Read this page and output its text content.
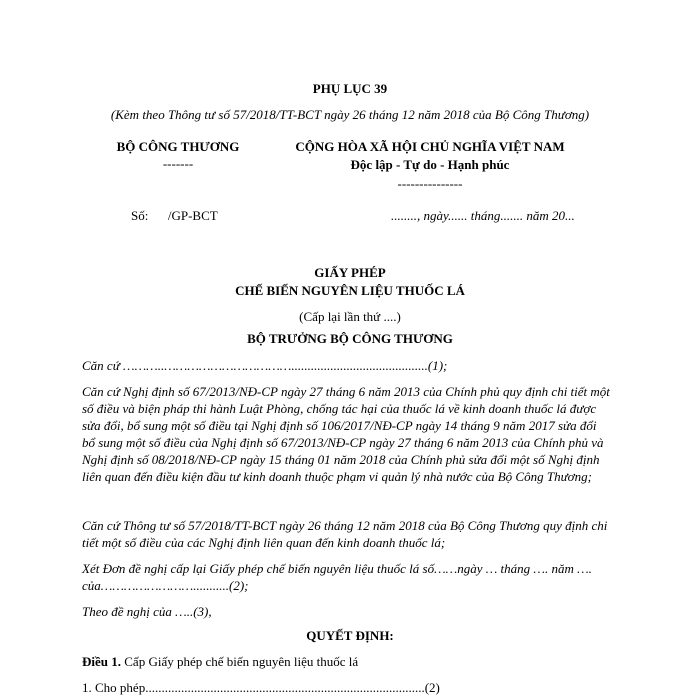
PHỤ LỤC 39
(Kèm theo Thông tư số 57/2018/TT-BCT ngày 26 tháng 12 năm 2018 của Bộ Công Thương)
BỘ CÔNG THƯƠNG
-------
CỘNG HÒA XÃ HỘI CHỦ NGHĨA VIỆT NAM
Độc lập - Tự do - Hạnh phúc
---------------
Số:      /GP-BCT	........, ngày...... tháng....... năm 20...
GIẤY PHÉP
CHẾ BIẾN NGUYÊN LIỆU THUỐC LÁ
(Cấp lại lần thứ ....)
BỘ TRƯỞNG BỘ CÔNG THƯƠNG

Căn cứ ………..……………………………..........................................(1);

Căn cứ Nghị định số 67/2013/NĐ-CP ngày 27 tháng 6 năm 2013 của Chính phủ quy định chi tiết một số điều và biện pháp thi hành Luật Phòng, chống tác hại của thuốc lá về kinh doanh thuốc lá được sửa đổi, bổ sung một số điều tại Nghị định số 106/2017/NĐ-CP ngày 14 tháng 9 năm 2017 sửa đổi bổ sung một số điều của Nghị định số 67/2013/NĐ-CP ngày 27 tháng 6 năm 2013 của Chính phủ và Nghị định số 08/2018/NĐ-CP ngày 15 tháng 01 năm 2018 của Chính phủ sửa đổi một số Nghị định liên quan đến điều kiện đầu tư kinh doanh thuộc phạm vi quản lý nhà nước của Bộ Công Thương;

Căn cứ Thông tư số 57/2018/TT-BCT ngày 26 tháng 12 năm 2018 của Bộ Công Thương quy định chi tiết một số điều của các Nghị định liên quan đến kinh doanh thuốc lá;

Xét Đơn đề nghị cấp lại Giấy phép chế biến nguyên liệu thuốc lá số……ngày … tháng …. năm …. của……………………...........(2);

Theo đề nghị của …..(3),

QUYẾT ĐỊNH:
Điều 1. Cấp Giấy phép chế biến nguyên liệu thuốc lá
1. Cho phép......................................................................................(2)
